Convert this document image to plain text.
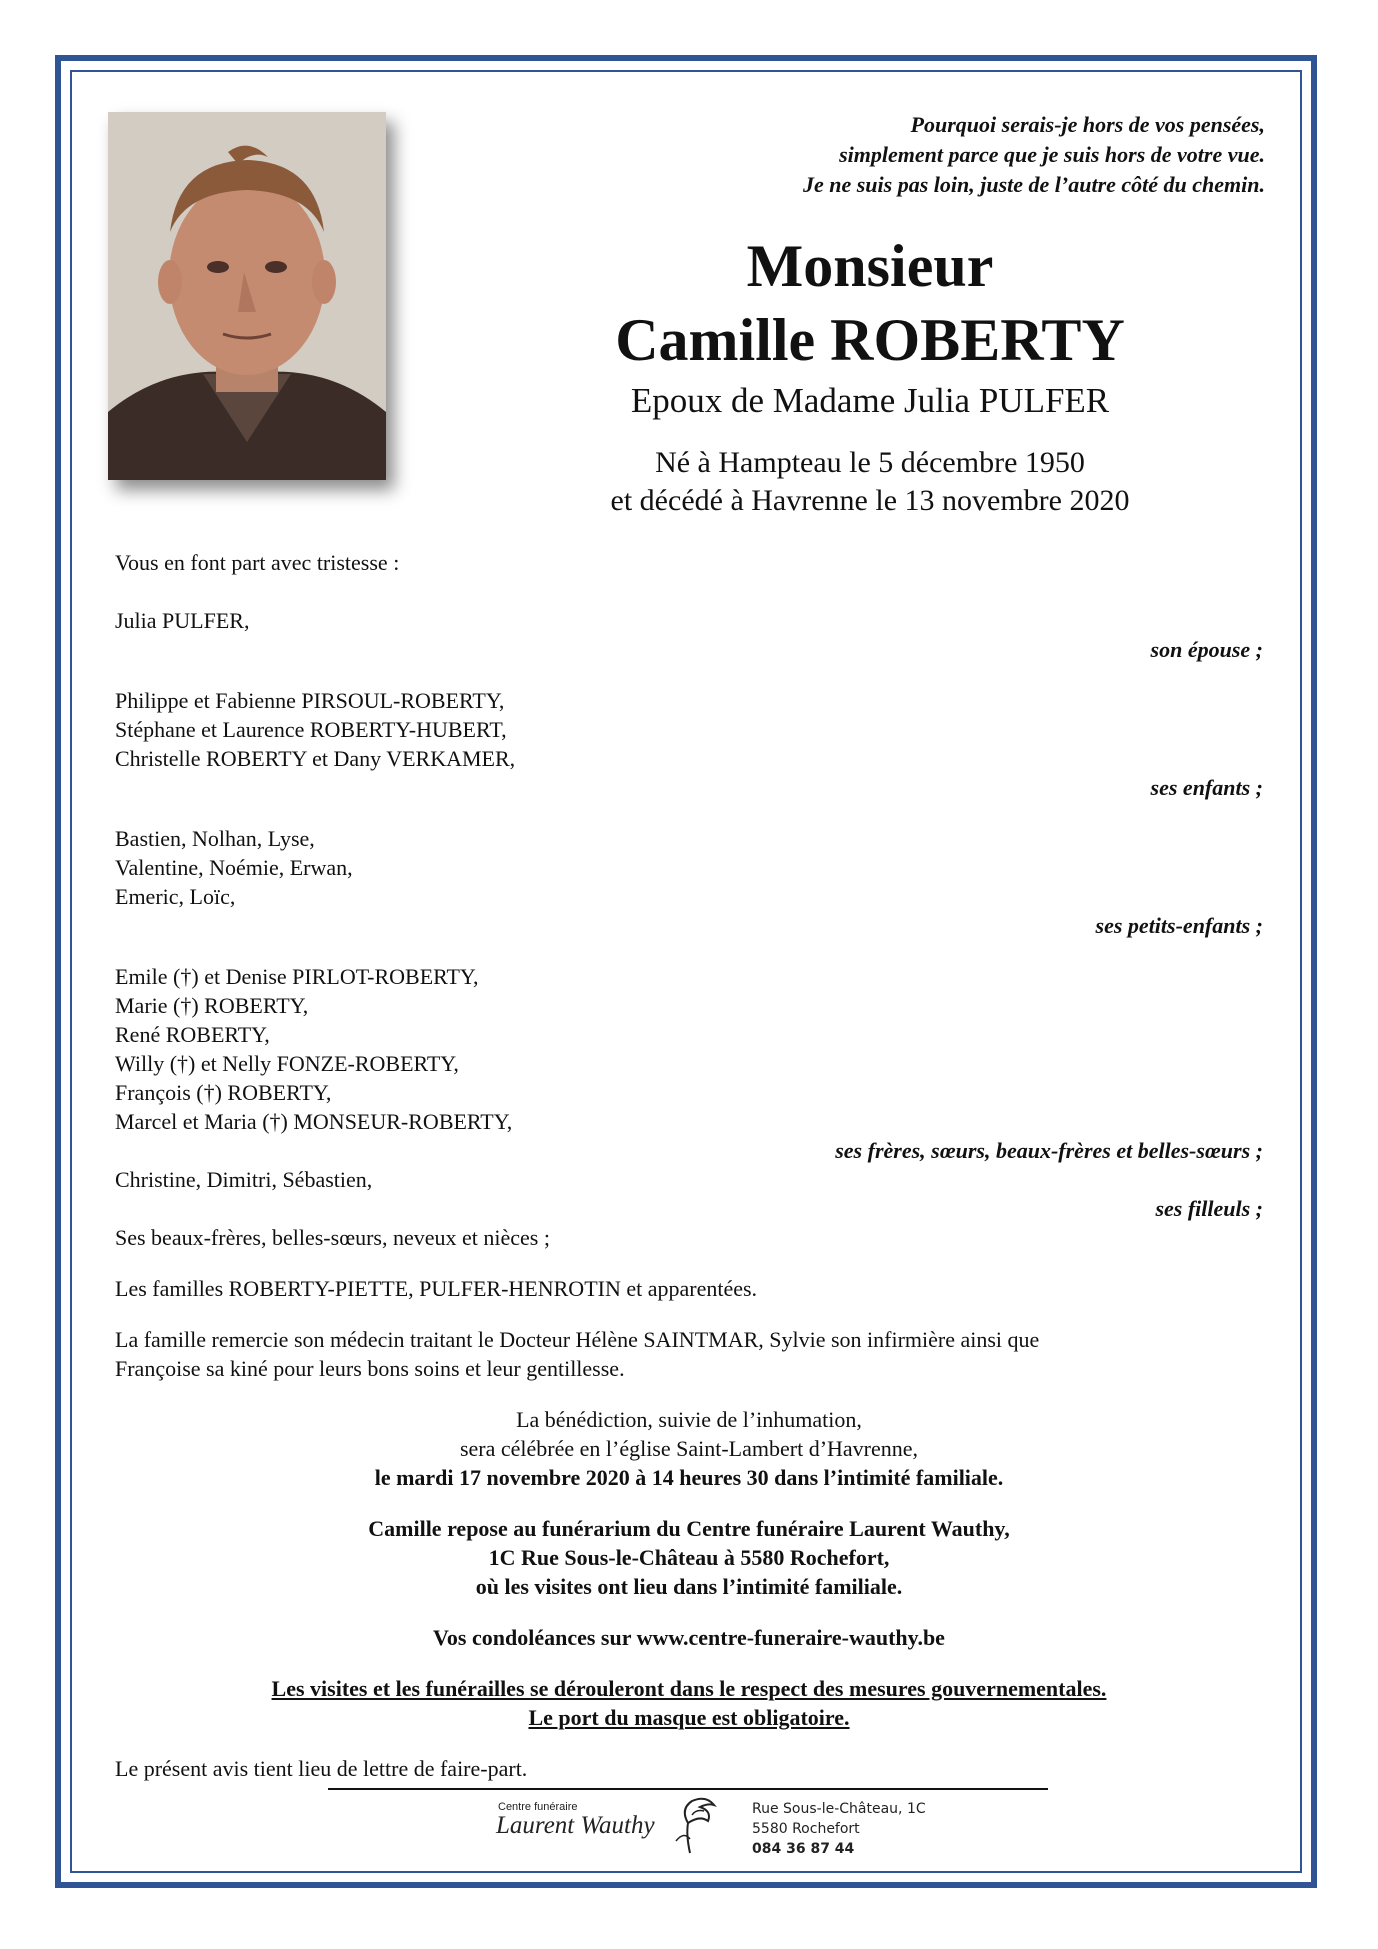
Pourquoi serais-je hors de vos pensées,
simplement parce que je suis hors de votre vue.
Je ne suis pas loin, juste de l’autre côté du chemin.
Monsieur
Camille ROBERTY
Epoux de Madame Julia PULFER
Né à Hampteau le 5 décembre 1950
et décédé à Havrenne le 13 novembre 2020
Vous en font part avec tristesse :
Julia PULFER,
son épouse ;
Philippe et Fabienne PIRSOUL-ROBERTY,
Stéphane et Laurence ROBERTY-HUBERT,
Christelle ROBERTY et Dany VERKAMER,
ses enfants ;
Bastien, Nolhan, Lyse,
Valentine, Noémie, Erwan,
Emeric, Loïc,
ses petits-enfants ;
Emile (†) et Denise PIRLOT-ROBERTY,
Marie (†) ROBERTY,
René ROBERTY,
Willy (†) et Nelly FONZE-ROBERTY,
François (†) ROBERTY,
Marcel et Maria (†) MONSEUR-ROBERTY,
ses frères, sœurs, beaux-frères et belles-sœurs ;
Christine, Dimitri, Sébastien,
ses filleuls ;
Ses beaux-frères, belles-sœurs, neveux et nièces ;
Les familles ROBERTY-PIETTE, PULFER-HENROTIN et apparentées.
La famille remercie son médecin traitant le Docteur Hélène SAINTMAR, Sylvie son infirmière ainsi que
Françoise sa kiné pour leurs bons soins et leur gentillesse.
La bénédiction, suivie de l’inhumation,
sera célébrée en l’église Saint-Lambert d’Havrenne,
le mardi 17 novembre 2020 à 14 heures 30 dans l’intimité familiale.
Camille repose au funérarium du Centre funéraire Laurent Wauthy,
1C Rue Sous-le-Château à 5580 Rochefort,
où les visites ont lieu dans l’intimité familiale.
Vos condoléances sur www.centre-funeraire-wauthy.be
Les visites et les funérailles se dérouleront dans le respect des mesures gouvernementales.
Le port du masque est obligatoire.
Le présent avis tient lieu de lettre de faire-part.
Centre funéraire
Laurent Wauthy
Rue Sous-le-Château, 1C
5580 Rochefort
084 36 87 44
